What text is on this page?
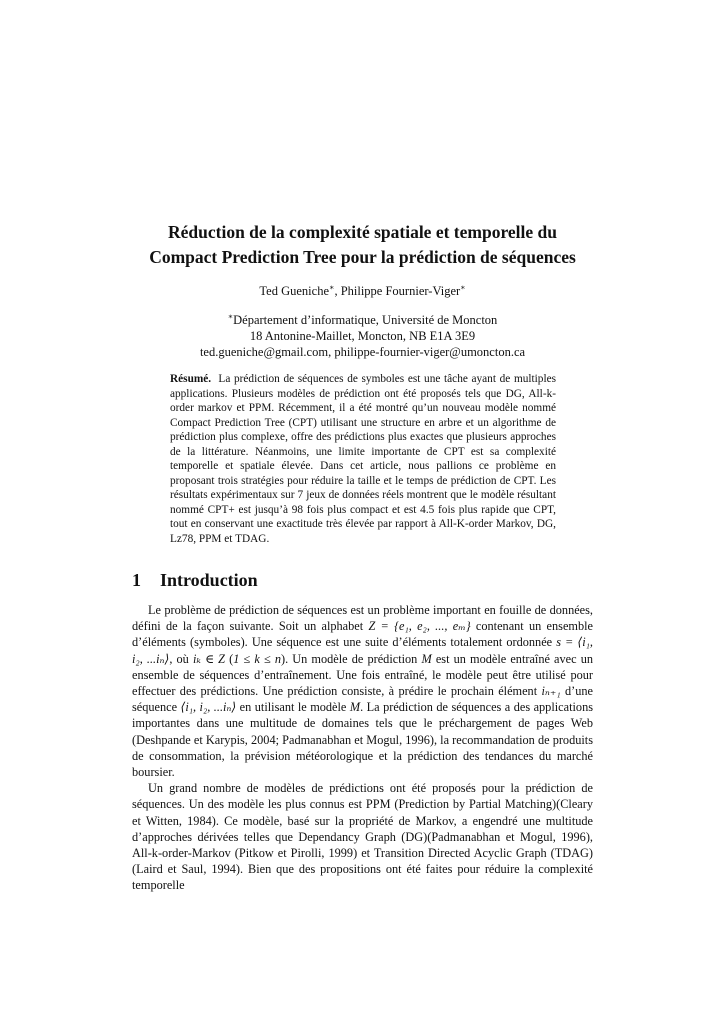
Réduction de la complexité spatiale et temporelle du
Compact Prediction Tree pour la prédiction de séquences
Ted Gueniche∗, Philippe Fournier-Viger∗
∗Département d’informatique, Université de Moncton
18 Antonine-Maillet, Moncton, NB E1A 3E9
ted.gueniche@gmail.com, philippe-fournier-viger@umoncton.ca

Résumé. La prédiction de séquences de symboles est une tâche ayant de multiples applications. Plusieurs modèles de prédiction ont été proposés tels que DG, All-k-order markov et PPM. Récemment, il a été montré qu’un nouveau modèle nommé Compact Prediction Tree (CPT) utilisant une structure en arbre et un algorithme de prédiction plus complexe, offre des prédictions plus exactes que plusieurs approches de la littérature. Néanmoins, une limite importante de CPT est sa complexité temporelle et spatiale élevée. Dans cet article, nous pallions ce problème en proposant trois stratégies pour réduire la taille et le temps de prédiction de CPT. Les résultats expérimentaux sur 7 jeux de données réels montrent que le modèle résultant nommé CPT+ est jusqu’à 98 fois plus compact et est 4.5 fois plus rapide que CPT, tout en conservant une exactitude très élevée par rapport à All-K-order Markov, DG, Lz78, PPM et TDAG.

1 Introduction

Le problème de prédiction de séquences est un problème important en fouille de données, défini de la façon suivante. Soit un alphabet Z = {e₁, e₂, ..., eₘ} contenant un ensemble d’éléments (symboles). Une séquence est une suite d’éléments totalement ordonnée s = ⟨i₁, i₂, ...iₙ⟩, où iₖ ∈ Z (1 ≤ k ≤ n). Un modèle de prédiction M est un modèle entraîné avec un ensemble de séquences d’entraînement. Une fois entraîné, le modèle peut être utilisé pour effectuer des prédictions. Une prédiction consiste, à prédire le prochain élément iₙ₊₁ d’une séquence ⟨i₁, i₂, ...iₙ⟩ en utilisant le modèle M. La prédiction de séquences a des applications importantes dans une multitude de domaines tels que le préchargement de pages Web (Deshpande et Karypis, 2004; Padmanabhan et Mogul, 1996), la recommandation de produits de consommation, la prévision météorologique et la prédiction des tendances du marché boursier.

Un grand nombre de modèles de prédictions ont été proposés pour la prédiction de séquences. Un des modèle les plus connus est PPM (Prediction by Partial Matching)(Cleary et Witten, 1984). Ce modèle, basé sur la propriété de Markov, a engendré une multitude d’approches dérivées telles que Dependancy Graph (DG)(Padmanabhan et Mogul, 1996), All-k-order-Markov (Pitkow et Pirolli, 1999) et Transition Directed Acyclic Graph (TDAG) (Laird et Saul, 1994). Bien que des propositions ont été faites pour réduire la complexité temporelle
